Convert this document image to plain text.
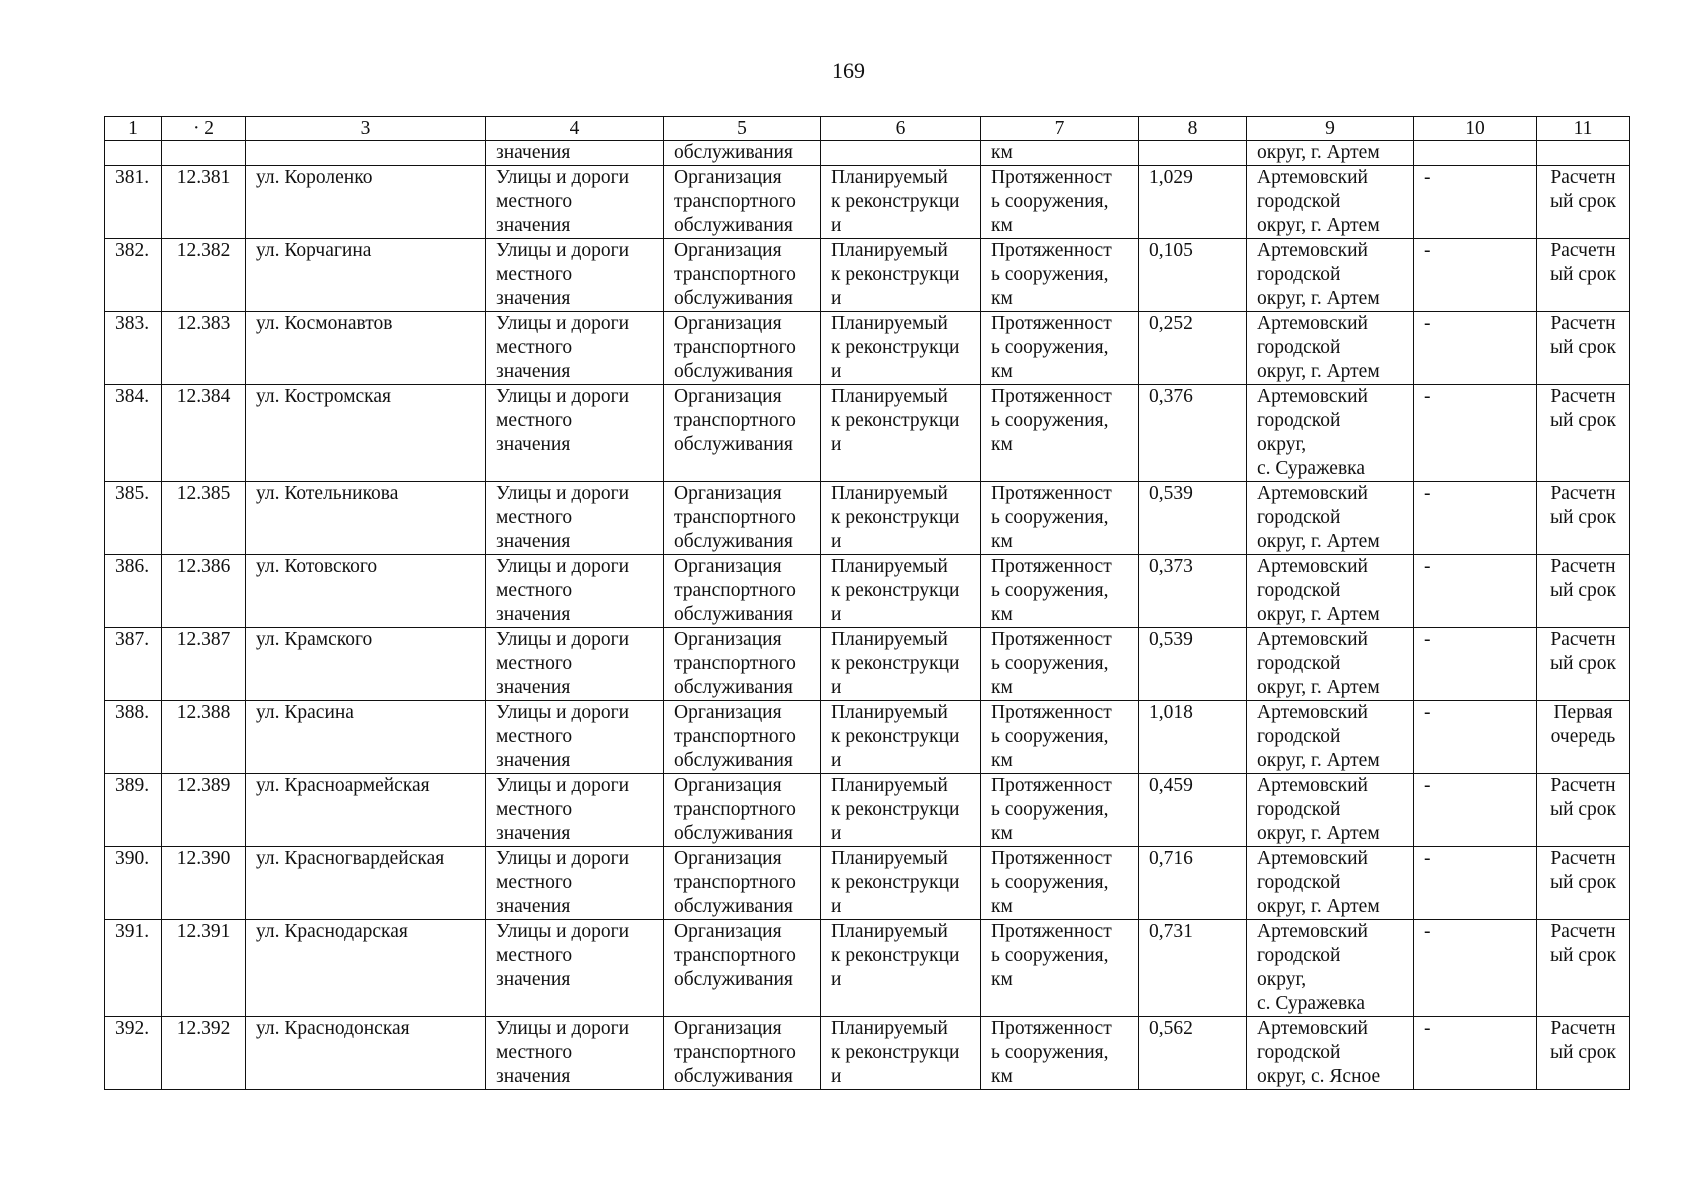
169
1	· 2	3	4	5	6	7	8	9	10	11
			значения	обслуживания		км		округ, г. Артем		
381.	12.381	ул. Короленко	Улицы и дороги
местного
значения	Организация
транспортного
обслуживания	Планируемый
к реконструкци
и	Протяженност
ь сооружения,
км	1,029	Артемовский
городской
округ, г. Артем	-	Расчетн
ый срок
382.	12.382	ул. Корчагина	Улицы и дороги
местного
значения	Организация
транспортного
обслуживания	Планируемый
к реконструкци
и	Протяженност
ь сооружения,
км	0,105	Артемовский
городской
округ, г. Артем	-	Расчетн
ый срок
383.	12.383	ул. Космонавтов	Улицы и дороги
местного
значения	Организация
транспортного
обслуживания	Планируемый
к реконструкци
и	Протяженност
ь сооружения,
км	0,252	Артемовский
городской
округ, г. Артем	-	Расчетн
ый срок
384.	12.384	ул. Костромская	Улицы и дороги
местного
значения	Организация
транспортного
обслуживания	Планируемый
к реконструкци
и	Протяженност
ь сооружения,
км	0,376	Артемовский
городской
округ,
с. Суражевка	-	Расчетн
ый срок
385.	12.385	ул. Котельникова	Улицы и дороги
местного
значения	Организация
транспортного
обслуживания	Планируемый
к реконструкци
и	Протяженност
ь сооружения,
км	0,539	Артемовский
городской
округ, г. Артем	-	Расчетн
ый срок
386.	12.386	ул. Котовского	Улицы и дороги
местного
значения	Организация
транспортного
обслуживания	Планируемый
к реконструкци
и	Протяженност
ь сооружения,
км	0,373	Артемовский
городской
округ, г. Артем	-	Расчетн
ый срок
387.	12.387	ул. Крамского	Улицы и дороги
местного
значения	Организация
транспортного
обслуживания	Планируемый
к реконструкци
и	Протяженност
ь сооружения,
км	0,539	Артемовский
городской
округ, г. Артем	-	Расчетн
ый срок
388.	12.388	ул. Красина	Улицы и дороги
местного
значения	Организация
транспортного
обслуживания	Планируемый
к реконструкци
и	Протяженност
ь сооружения,
км	1,018	Артемовский
городской
округ, г. Артем	-	Первая
очередь
389.	12.389	ул. Красноармейская	Улицы и дороги
местного
значения	Организация
транспортного
обслуживания	Планируемый
к реконструкци
и	Протяженност
ь сооружения,
км	0,459	Артемовский
городской
округ, г. Артем	-	Расчетн
ый срок
390.	12.390	ул. Красногвардейская	Улицы и дороги
местного
значения	Организация
транспортного
обслуживания	Планируемый
к реконструкци
и	Протяженност
ь сооружения,
км	0,716	Артемовский
городской
округ, г. Артем	-	Расчетн
ый срок
391.	12.391	ул. Краснодарская	Улицы и дороги
местного
значения	Организация
транспортного
обслуживания	Планируемый
к реконструкци
и	Протяженност
ь сооружения,
км	0,731	Артемовский
городской
округ,
с. Суражевка	-	Расчетн
ый срок
392.	12.392	ул. Краснодонская	Улицы и дороги
местного
значения	Организация
транспортного
обслуживания	Планируемый
к реконструкци
и	Протяженност
ь сооружения,
км	0,562	Артемовский
городской
округ, с. Ясное	-	Расчетн
ый срок
